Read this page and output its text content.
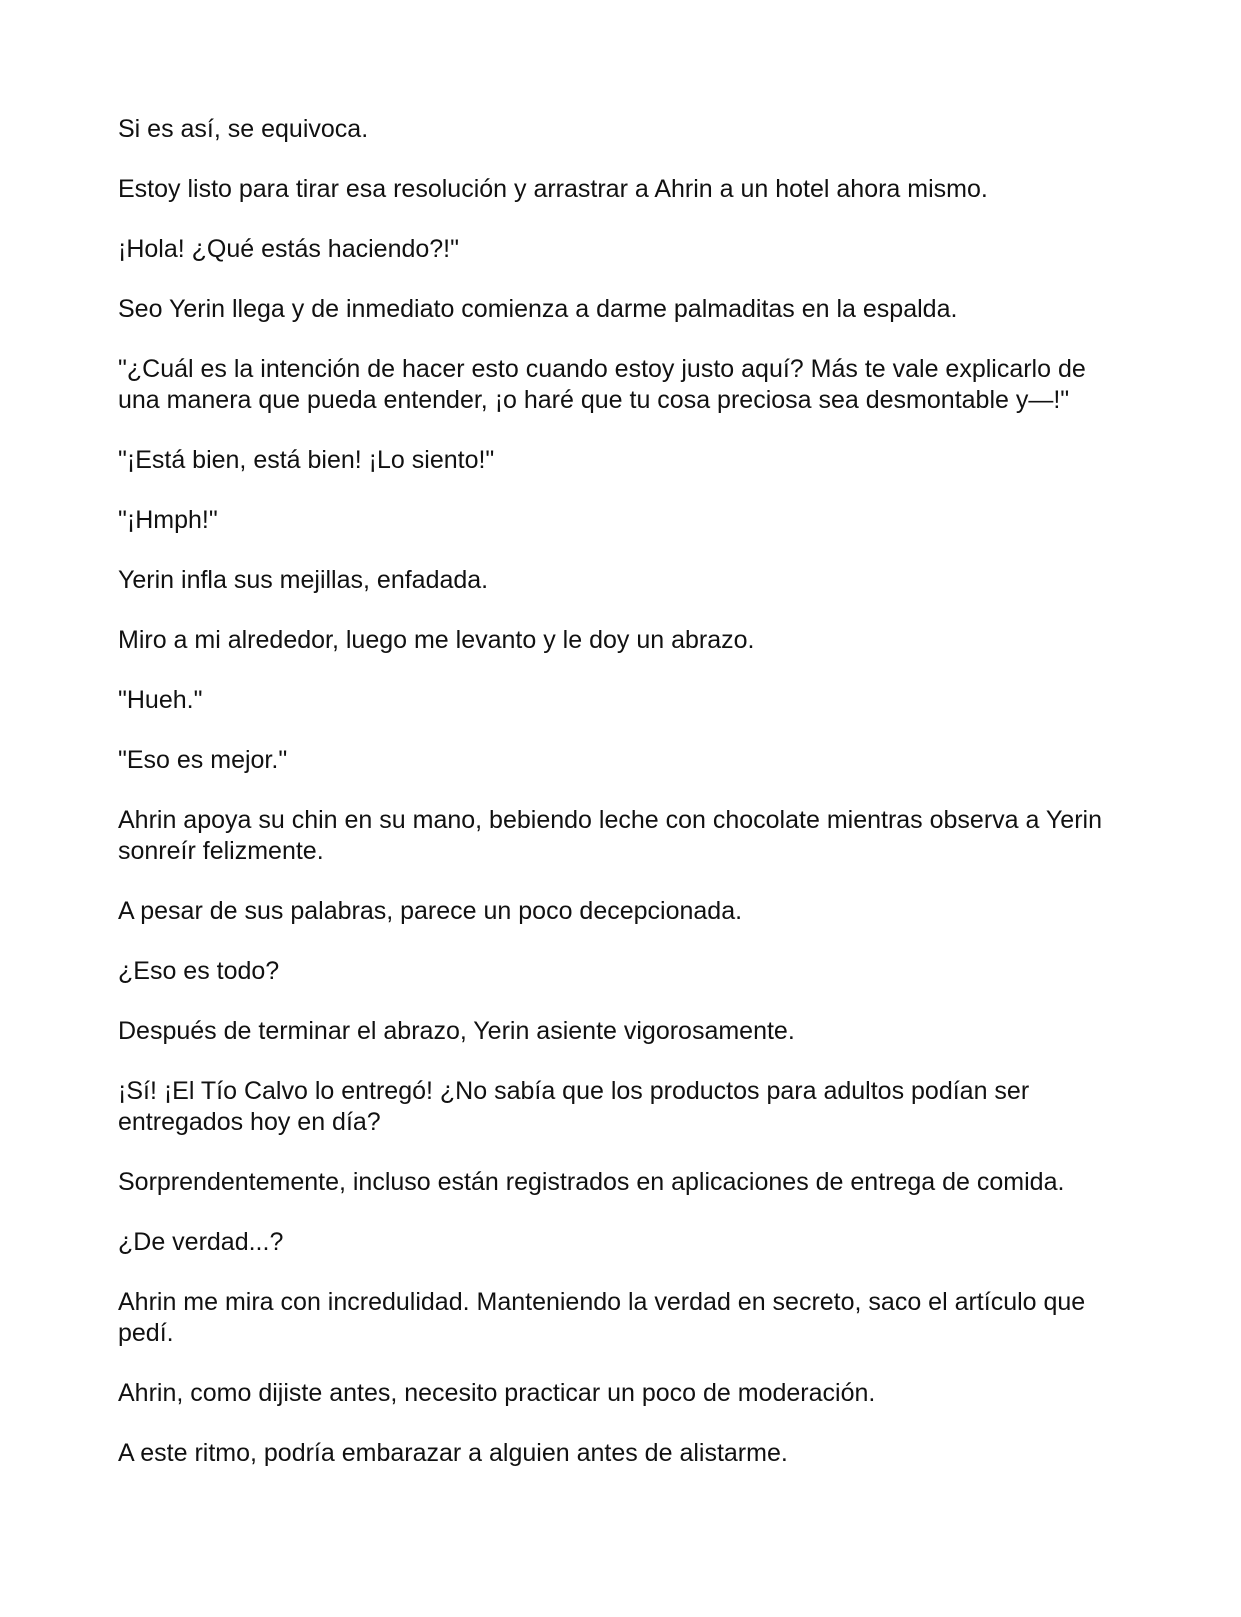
Si es así, se equivoca.

Estoy listo para tirar esa resolución y arrastrar a Ahrin a un hotel ahora mismo.

¡Hola! ¿Qué estás haciendo?!"

Seo Yerin llega y de inmediato comienza a darme palmaditas en la espalda.

"¿Cuál es la intención de hacer esto cuando estoy justo aquí? Más te vale explicarlo de una manera que pueda entender, ¡o haré que tu cosa preciosa sea desmontable y—!"

"¡Está bien, está bien! ¡Lo siento!"

"¡Hmph!"

Yerin infla sus mejillas, enfadada.

Miro a mi alrededor, luego me levanto y le doy un abrazo.

"Hueh."

"Eso es mejor."

Ahrin apoya su chin en su mano, bebiendo leche con chocolate mientras observa a Yerin sonreír felizmente.

A pesar de sus palabras, parece un poco decepcionada.

¿Eso es todo?

Después de terminar el abrazo, Yerin asiente vigorosamente.

¡Sí! ¡El Tío Calvo lo entregó! ¿No sabía que los productos para adultos podían ser entregados hoy en día?

Sorprendentemente, incluso están registrados en aplicaciones de entrega de comida.

¿De verdad...?

Ahrin me mira con incredulidad. Manteniendo la verdad en secreto, saco el artículo que pedí.

Ahrin, como dijiste antes, necesito practicar un poco de moderación.

A este ritmo, podría embarazar a alguien antes de alistarme.
